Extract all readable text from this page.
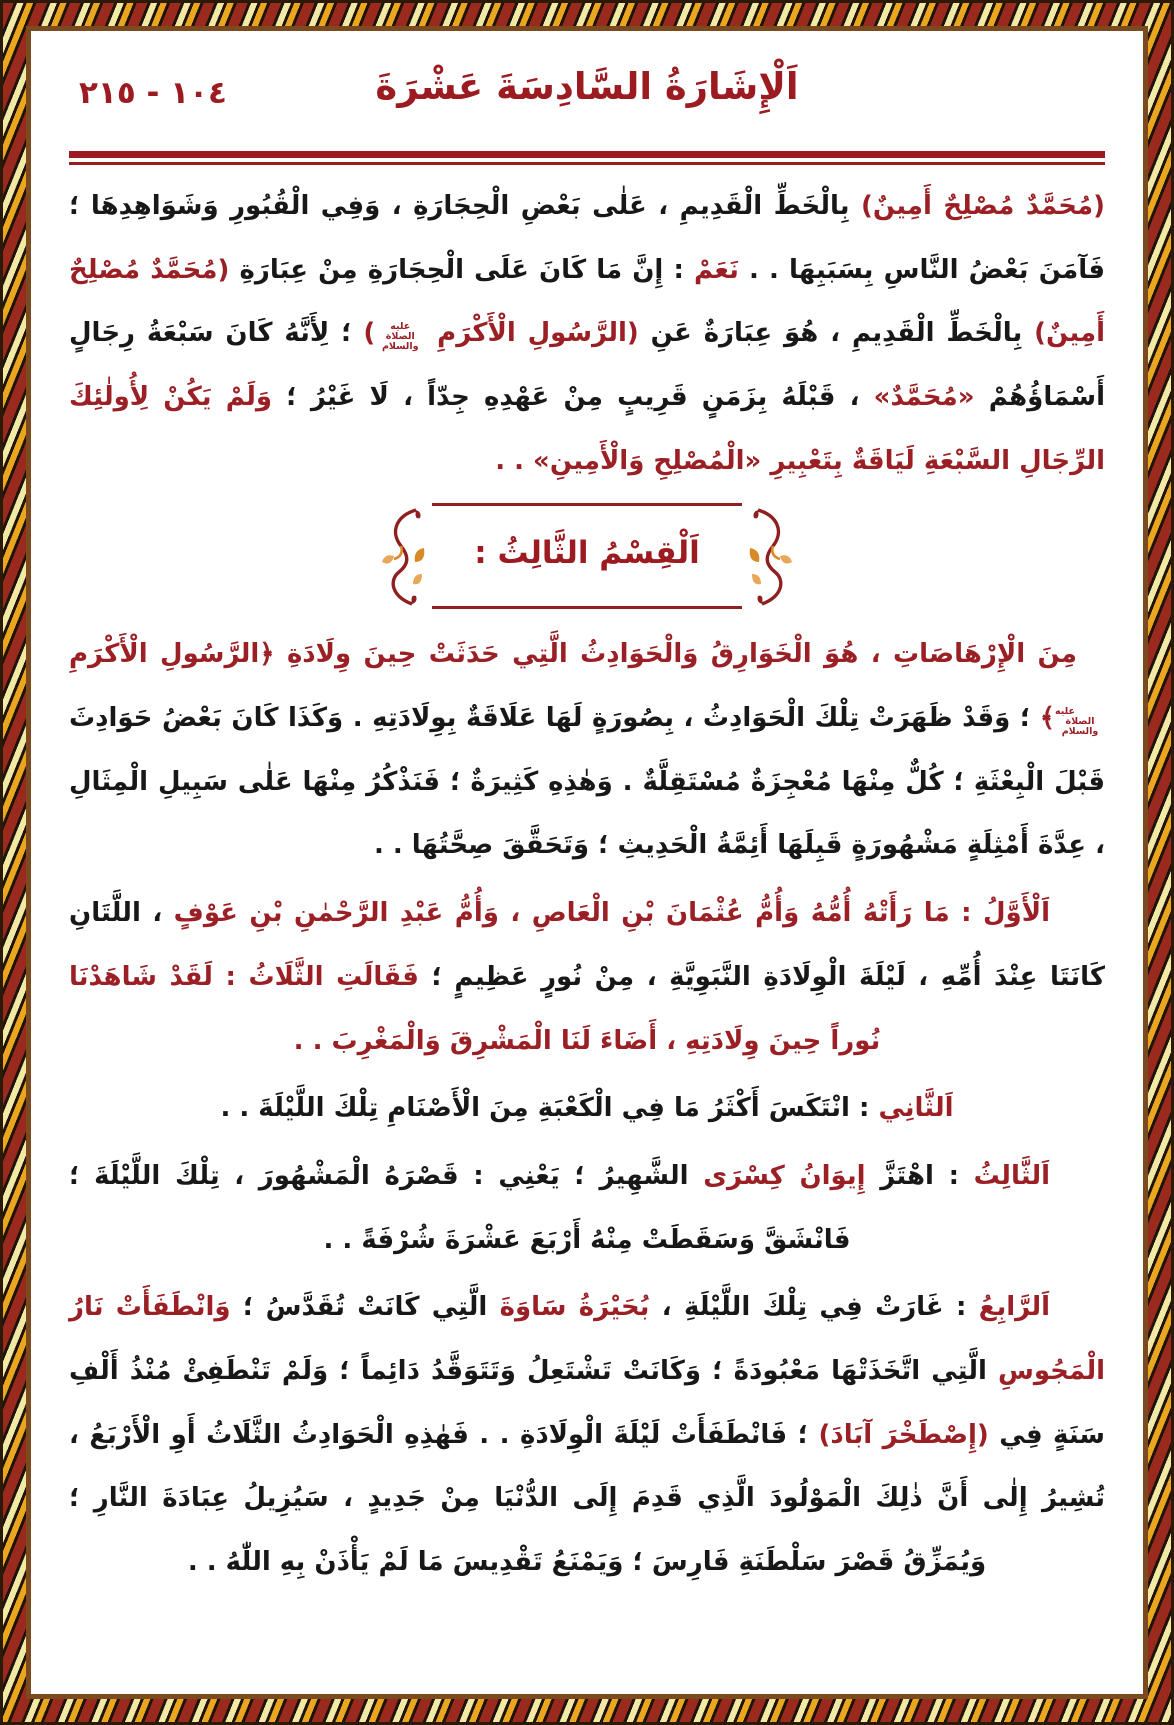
١٠٤ - ٢١٥	اَلْإِشَارَةُ السَّادِسَةَ عَشْرَةَ
(مُحَمَّدٌ مُصْلِحٌ أَمِينٌ) بِالْخَطِّ الْقَدِيمِ ، عَلٰى بَعْضِ الْحِجَارَةِ ، وَفِي الْقُبُورِ وَشَوَاهِدِهَا ؛ فَآمَنَ بَعْضُ النَّاسِ بِسَبَبِهَا . . نَعَمْ : إِنَّ مَا كَانَ عَلَى الْحِجَارَةِ مِنْ عِبَارَةِ (مُحَمَّدٌ مُصْلِحٌ أَمِينٌ) بِالْخَطِّ الْقَدِيمِ ، هُوَ عِبَارَةٌ عَنِ (الرَّسُولِ الْأَكْرَمِ عليه الصلاة والسلام) ؛ لِأَنَّهُ كَانَ سَبْعَةُ رِجَالٍ أَسْمَاؤُهُمْ «مُحَمَّدٌ» ، قَبْلَهُ بِزَمَنٍ قَرِيبٍ مِنْ عَهْدِهِ جِدّاً ، لَا غَيْرُ ؛ وَلَمْ يَكُنْ لِأُولٰئِكَ الرِّجَالِ السَّبْعَةِ لَيَاقَةٌ بِتَعْبِيرِ «الْمُصْلِحِ وَالْأَمِينِ» . .
اَلْقِسْمُ الثَّالِثُ :
مِنَ الْإِرْهَاصَاتِ ، هُوَ الْخَوَارِقُ وَالْحَوَادِثُ الَّتِي حَدَثَتْ حِينَ وِلَادَةِ ﴿الرَّسُولِ الْأَكْرَمِ عليه الصلاة والسلام﴾ ؛ وَقَدْ ظَهَرَتْ تِلْكَ الْحَوَادِثُ ، بِصُورَةٍ لَهَا عَلَاقَةٌ بِوِلَادَتِهِ . وَكَذَا كَانَ بَعْضُ حَوَادِثَ قَبْلَ الْبِعْثَةِ ؛ كُلٌّ مِنْهَا مُعْجِزَةٌ مُسْتَقِلَّةٌ . وَهٰذِهِ كَثِيرَةٌ ؛ فَنَذْكُرُ مِنْهَا عَلٰى سَبِيلِ الْمِثَالِ ، عِدَّةَ أَمْثِلَةٍ مَشْهُورَةٍ قَبِلَهَا أَئِمَّةُ الْحَدِيثِ ؛ وَتَحَقَّقَ صِحَّتُهَا . .
اَلْأَوَّلُ : مَا رَأَتْهُ أُمُّهُ وَأُمُّ عُثْمَانَ بْنِ الْعَاصِ ، وَأُمُّ عَبْدِ الرَّحْمٰنِ بْنِ عَوْفٍ ، اللَّتَانِ كَانَتَا عِنْدَ أُمِّهِ ، لَيْلَةَ الْوِلَادَةِ النَّبَوِيَّةِ ، مِنْ نُورٍ عَظِيمٍ ؛ فَقَالَتِ الثَّلَاثُ : لَقَدْ شَاهَدْنَا نُوراً حِينَ وِلَادَتِهِ ، أَضَاءَ لَنَا الْمَشْرِقَ وَالْمَغْرِبَ . .
اَلثَّانِي : انْتَكَسَ أَكْثَرُ مَا فِي الْكَعْبَةِ مِنَ الْأَصْنَامِ تِلْكَ اللَّيْلَةَ . .
اَلثَّالِثُ : اهْتَزَّ إِيوَانُ كِسْرَى الشَّهِيرُ ؛ يَعْنِي : قَصْرَهُ الْمَشْهُورَ ، تِلْكَ اللَّيْلَةَ ؛ فَانْشَقَّ وَسَقَطَتْ مِنْهُ أَرْبَعَ عَشْرَةَ شُرْفَةً . .
اَلرَّابِعُ : غَارَتْ فِي تِلْكَ اللَّيْلَةِ ، بُحَيْرَةُ سَاوَةَ الَّتِي كَانَتْ تُقَدَّسُ ؛ وَانْطَفَأَتْ نَارُ الْمَجُوسِ الَّتِي اتَّخَذَتْهَا مَعْبُودَةً ؛ وَكَانَتْ تَشْتَعِلُ وَتَتَوَقَّدُ دَائِماً ؛ وَلَمْ تَنْطَفِئْ مُنْذُ أَلْفِ سَنَةٍ فِي (إِصْطَخْرَ آبَادَ) ؛ فَانْطَفَأَتْ لَيْلَةَ الْوِلَادَةِ . . فَهٰذِهِ الْحَوَادِثُ الثَّلَاثُ أَوِ الْأَرْبَعُ ، تُشِيرُ إِلٰى أَنَّ ذٰلِكَ الْمَوْلُودَ الَّذِي قَدِمَ إِلَى الدُّنْيَا مِنْ جَدِيدٍ ، سَيُزِيلُ عِبَادَةَ النَّارِ ؛ وَيُمَزِّقُ قَصْرَ سَلْطَنَةِ فَارِسَ ؛ وَيَمْنَعُ تَقْدِيسَ مَا لَمْ يَأْذَنْ بِهِ اللّٰهُ . .
